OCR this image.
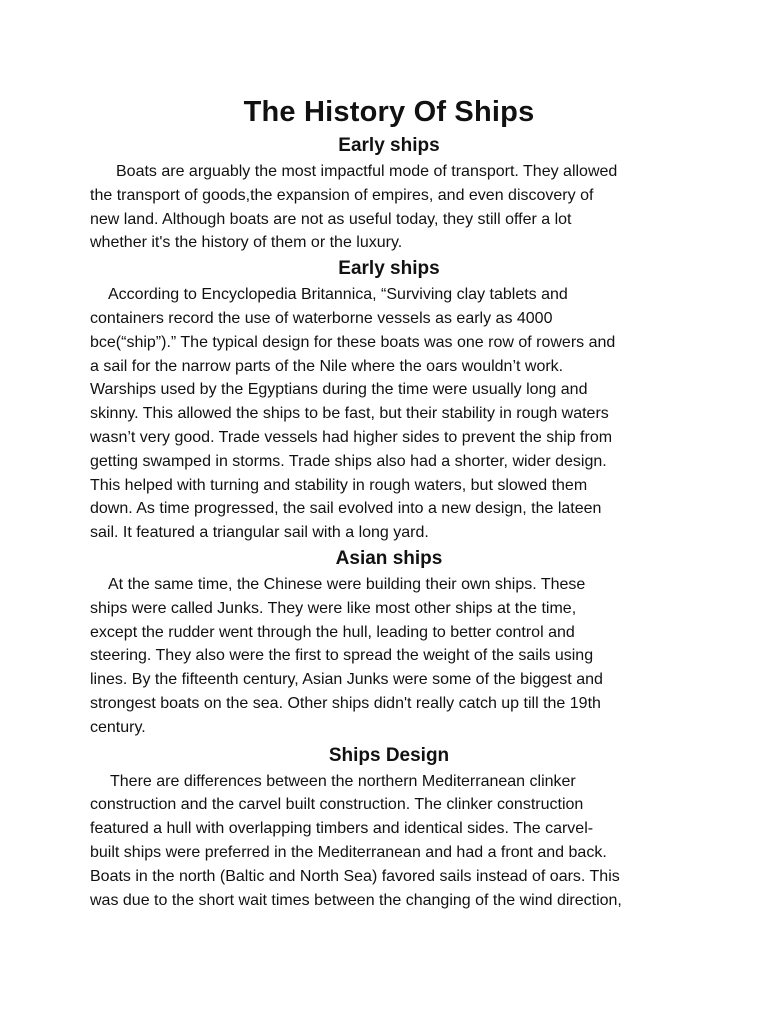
The History Of Ships
Early ships

Boats are arguably the most impactful mode of transport. They allowed
the transport of goods,the expansion of empires, and even discovery of
new land. Although boats are not as useful today, they still offer a lot
whether it's the history of them or the luxury.

Early ships

According to Encyclopedia Britannica, “Surviving clay tablets and
containers record the use of waterborne vessels as early as 4000
bce(“ship”).” The typical design for these boats was one row of rowers and
a sail for the narrow parts of the Nile where the oars wouldn’t work.
Warships used by the Egyptians during the time were usually long and
skinny. This allowed the ships to be fast, but their stability in rough waters
wasn’t very good. Trade vessels had higher sides to prevent the ship from
getting swamped in storms. Trade ships also had a shorter, wider design.
This helped with turning and stability in rough waters, but slowed them
down. As time progressed, the sail evolved into a new design, the lateen
sail. It featured a triangular sail with a long yard.

Asian ships

At the same time, the Chinese were building their own ships. These
ships were called Junks. They were like most other ships at the time,
except the rudder went through the hull, leading to better control and
steering. They also were the first to spread the weight of the sails using
lines. By the fifteenth century, Asian Junks were some of the biggest and
strongest boats on the sea. Other ships didn't really catch up till the 19th
century.

Ships Design

There are differences between the northern Mediterranean clinker
construction and the carvel built construction. The clinker construction
featured a hull with overlapping timbers and identical sides. The carvel-
built ships were preferred in the Mediterranean and had a front and back.
Boats in the north (Baltic and North Sea) favored sails instead of oars. This
was due to the short wait times between the changing of the wind direction,
